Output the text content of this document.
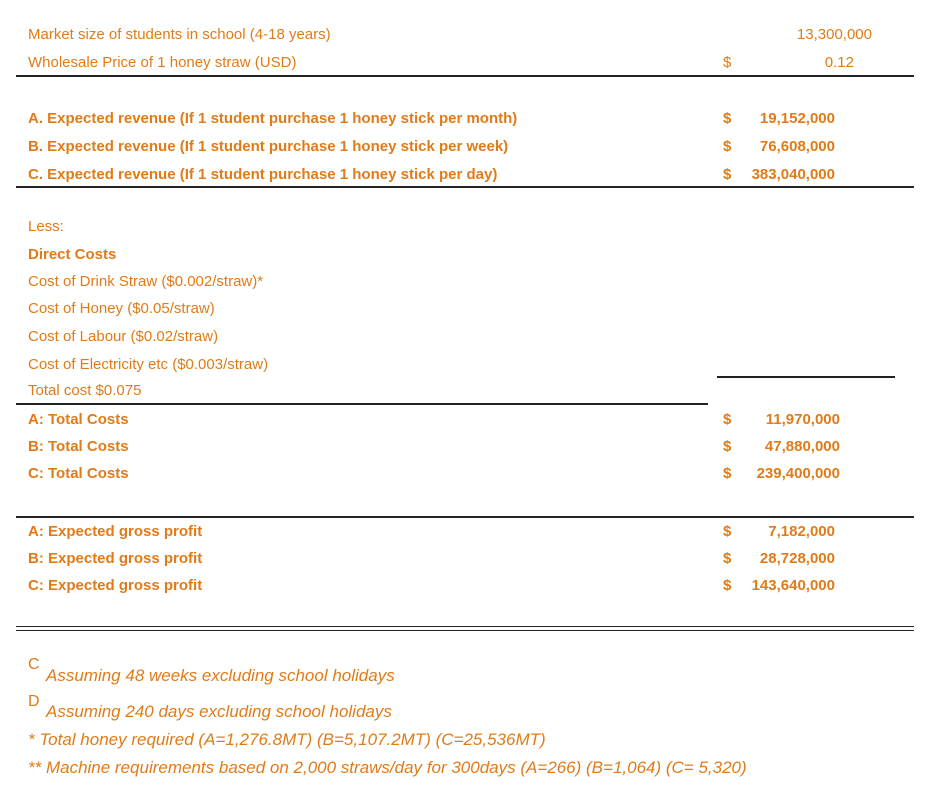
Market size of students in school (4-18 years)	13,300,000
Wholesale Price of 1 honey straw (USD)	$	0.12
A. Expected revenue (If 1 student purchase 1 honey stick per month)	$	19,152,000
B. Expected revenue (If 1 student purchase 1 honey stick per week)	$	76,608,000
C. Expected revenue (If 1 student purchase 1 honey stick per day)	$	383,040,000
Less:
Direct Costs
Cost of Drink Straw ($0.002/straw)*
Cost of Honey ($0.05/straw)
Cost of Labour ($0.02/straw)
Cost of Electricity etc ($0.003/straw)
Total cost $0.075
A: Total Costs	$	11,970,000
B: Total Costs	$	47,880,000
C: Total Costs	$	239,400,000
A: Expected gross profit	$	7,182,000
B: Expected gross profit	$	28,728,000
C: Expected gross profit	$	143,640,000
C
Assuming 48 weeks excluding school holidays
D
Assuming 240 days excluding school holidays
* Total honey required (A=1,276.8MT) (B=5,107.2MT) (C=25,536MT)
** Machine requirements based on 2,000 straws/day for 300days (A=266) (B=1,064) (C= 5,320)
